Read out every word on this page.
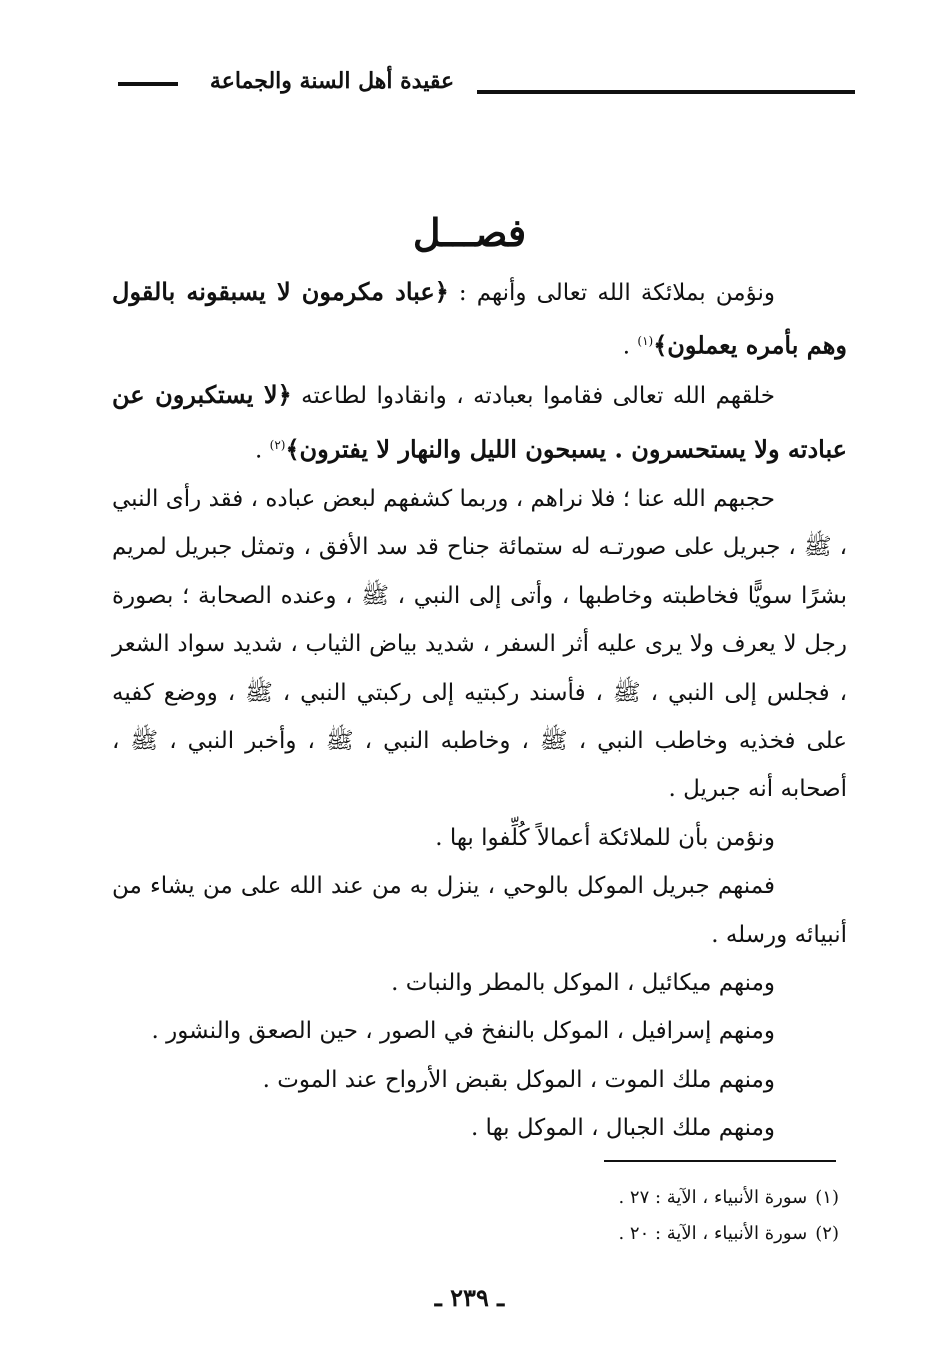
عقيدة أهل السنة والجماعة
فصـــل

ونؤمن بملائكة الله تعالى وأنهم : ﴿عباد مكرمون لا يسبقونه بالقول وهم بأمره يعملون﴾$^{(١)}$ .

خلقهم الله تعالى فقاموا بعبادته ، وانقادوا لطاعته ﴿لا يستكبرون عن عبادته ولا يستحسرون . يسبحون الليل والنهار لا يفترون﴾$^{(٢)}$ .

حجبهم الله عنا ؛ فلا نراهم ، وربما كشفهم لبعض عباده ، فقد رأى النبي ، ﷺ ، جبريل على صورتـه له ستمائة جناح قد سد الأفق ، وتمثل جبريل لمريم بشرًا سويًّا فخاطبته وخاطبها ، وأتى إلى النبي ، ﷺ ، وعنده الصحابة ؛ بصورة رجل لا يعرف ولا يرى عليه أثر السفر ، شديد بياض الثياب ، شديد سواد الشعر ، فجلس إلى النبي ، ﷺ ، فأسند ركبتيه إلى ركبتي النبي ، ﷺ ، ووضع كفيه على فخذيه وخاطب النبي ، ﷺ ، وخاطبه النبي ، ﷺ ، وأخبر النبي ، ﷺ ، أصحابه أنه جبريل .

ونؤمن بأن للملائكة أعمالاً كُلِّفوا بها .

فمنهم جبريل الموكل بالوحي ، ينزل به من عند الله على من يشاء من أنبيائه ورسله .

ومنهم ميكائيل ، الموكل بالمطر والنبات .

ومنهم إسرافيل ، الموكل بالنفخ في الصور ، حين الصعق والنشور .

ومنهم ملك الموت ، الموكل بقبض الأرواح عند الموت .

ومنهم ملك الجبال ، الموكل بها .

(١)سورة الأنبياء ، الآية : ٢٧ .
(٢)سورة الأنبياء ، الآية : ٢٠ .
ـ ٢٣٩ ـ
